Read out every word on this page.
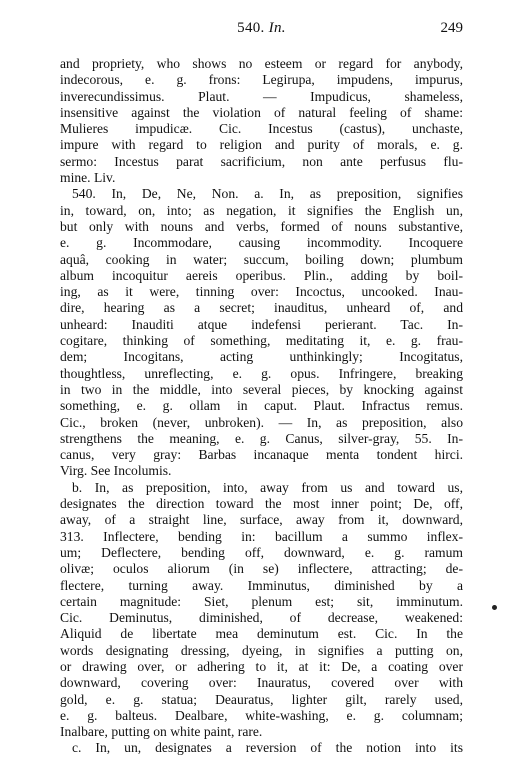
540. In.	249
and propriety, who shows no esteem or regard for anybody,
indecorous, e. g. frons: Legirupa, impudens, impurus,
inverecundissimus. Plaut. — Impudicus, shameless,
insensitive against the violation of natural feeling of shame:
Mulieres impudicæ. Cic. Incestus (castus), unchaste,
impure with regard to religion and purity of morals, e. g.
sermo: Incestus parat sacrificium, non ante perfusus flu-
mine. Liv.
540. In, De, Ne, Non. a. In, as preposition, signifies
in, toward, on, into; as negation, it signifies the English un,
but only with nouns and verbs, formed of nouns substantive,
e. g. Incommodare, causing incommodity. Incoquere
aquâ, cooking in water; succum, boiling down; plumbum
album incoquitur aereis operibus. Plin., adding by boil-
ing, as it were, tinning over: Incoctus, uncooked. Inau-
dire, hearing as a secret; inauditus, unheard of, and
unheard: Inauditi atque indefensi perierant. Tac. In-
cogitare, thinking of something, meditating it, e. g. frau-
dem; Incogitans, acting unthinkingly; Incogitatus,
thoughtless, unreflecting, e. g. opus. Infringere, breaking
in two in the middle, into several pieces, by knocking against
something, e. g. ollam in caput. Plaut. Infractus remus.
Cic., broken (never, unbroken). — In, as preposition, also
strengthens the meaning, e. g. Canus, silver-gray, 55. In-
canus, very gray: Barbas incanaque menta tondent hirci.
Virg. See Incolumis.
b. In, as preposition, into, away from us and toward us,
designates the direction toward the most inner point; De, off,
away, of a straight line, surface, away from it, downward,
313. Inflectere, bending in: bacillum a summo inflex-
um; Deflectere, bending off, downward, e. g. ramum
olivæ; oculos aliorum (in se) inflectere, attracting; de-
flectere, turning away. Imminutus, diminished by a
certain magnitude: Siet, plenum est; sit, imminutum.
Cic. Deminutus, diminished, of decrease, weakened:
Aliquid de libertate mea deminutum est. Cic. In the
words designating dressing, dyeing, in signifies a putting on,
or drawing over, or adhering to it, at it: De, a coating over
downward, covering over: Inauratus, covered over with
gold, e. g. statua; Deauratus, lighter gilt, rarely used,
e. g. balteus. Dealbare, white-washing, e. g. columnam;
Inalbare, putting on white paint, rare.
c. In, un, designates a reversion of the notion into its
